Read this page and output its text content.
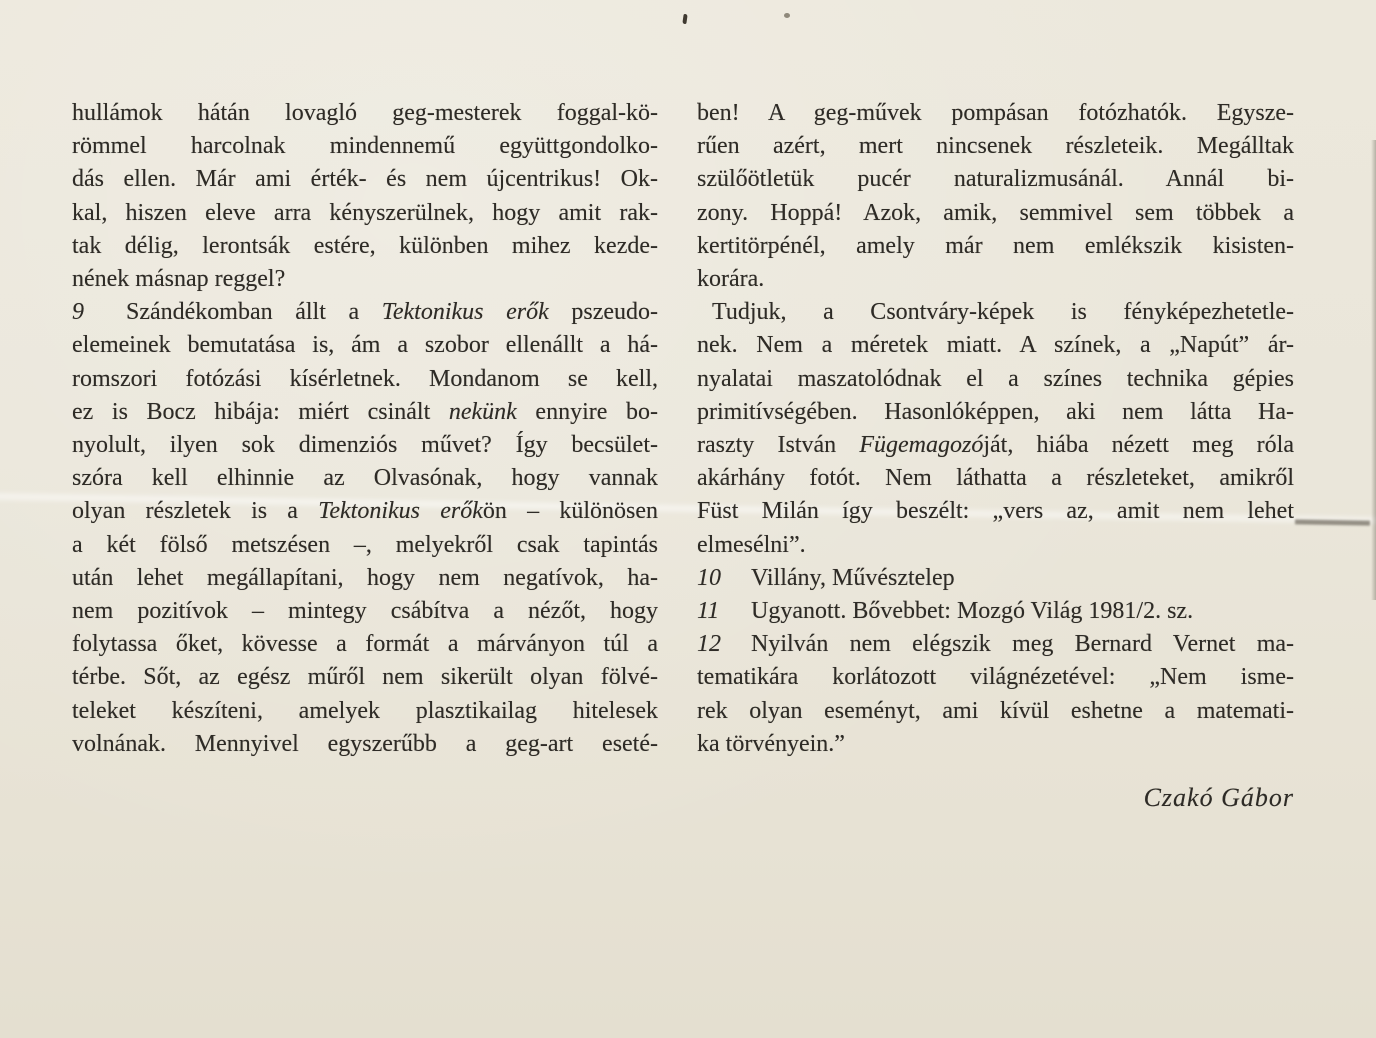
hullámok hátán lovagló geg-mesterek foggal-kö-
römmel harcolnak mindennemű együttgondolko-
dás ellen. Már ami érték- és nem újcentrikus! Ok-
kal, hiszen eleve arra kényszerülnek, hogy amit rak-
tak délig, lerontsák estére, különben mihez kezde-
nének másnap reggel?
9 Szándékomban állt a Tektonikus erők pszeudo-
elemeinek bemutatása is, ám a szobor ellenállt a há-
romszori fotózási kísérletnek. Mondanom se kell,
ez is Bocz hibája: miért csinált nekünk ennyire bo-
nyolult, ilyen sok dimenziós művet? Így becsület-
szóra kell elhinnie az Olvasónak, hogy vannak
olyan részletek is a Tektonikus erőkön – különösen
a két fölső metszésen –, melyekről csak tapintás
után lehet megállapítani, hogy nem negatívok, ha-
nem pozitívok – mintegy csábítva a nézőt, hogy
folytassa őket, kövesse a formát a márványon túl a
térbe. Sőt, az egész műről nem sikerült olyan fölvé-
teleket készíteni, amelyek plasztikailag hitelesek
volnának. Mennyivel egyszerűbb a geg-art eseté-
ben! A geg-művek pompásan fotózhatók. Egysze-
rűen azért, mert nincsenek részleteik. Megálltak
szülőötletük pucér naturalizmusánál. Annál bi-
zony. Hoppá! Azok, amik, semmivel sem többek a
kertitörpénél, amely már nem emlékszik kisisten-
korára.
Tudjuk, a Csontváry-képek is fényképezhetetle-
nek. Nem a méretek miatt. A színek, a „Napút” ár-
nyalatai maszatolódnak el a színes technika gépies
primitívségében. Hasonlóképpen, aki nem látta Ha-
raszty István Fügemagozóját, hiába nézett meg róla
akárhány fotót. Nem láthatta a részleteket, amikről
Füst Milán így beszélt: „vers az, amit nem lehet
elmesélni”.
10 Villány, Művésztelep
11 Ugyanott. Bővebbet: Mozgó Világ 1981/2. sz.
12 Nyilván nem elégszik meg Bernard Vernet ma-
tematikára korlátozott világnézetével: „Nem isme-
rek olyan eseményt, ami kívül eshetne a matemati-
ka törvényein.”
Czakó Gábor
